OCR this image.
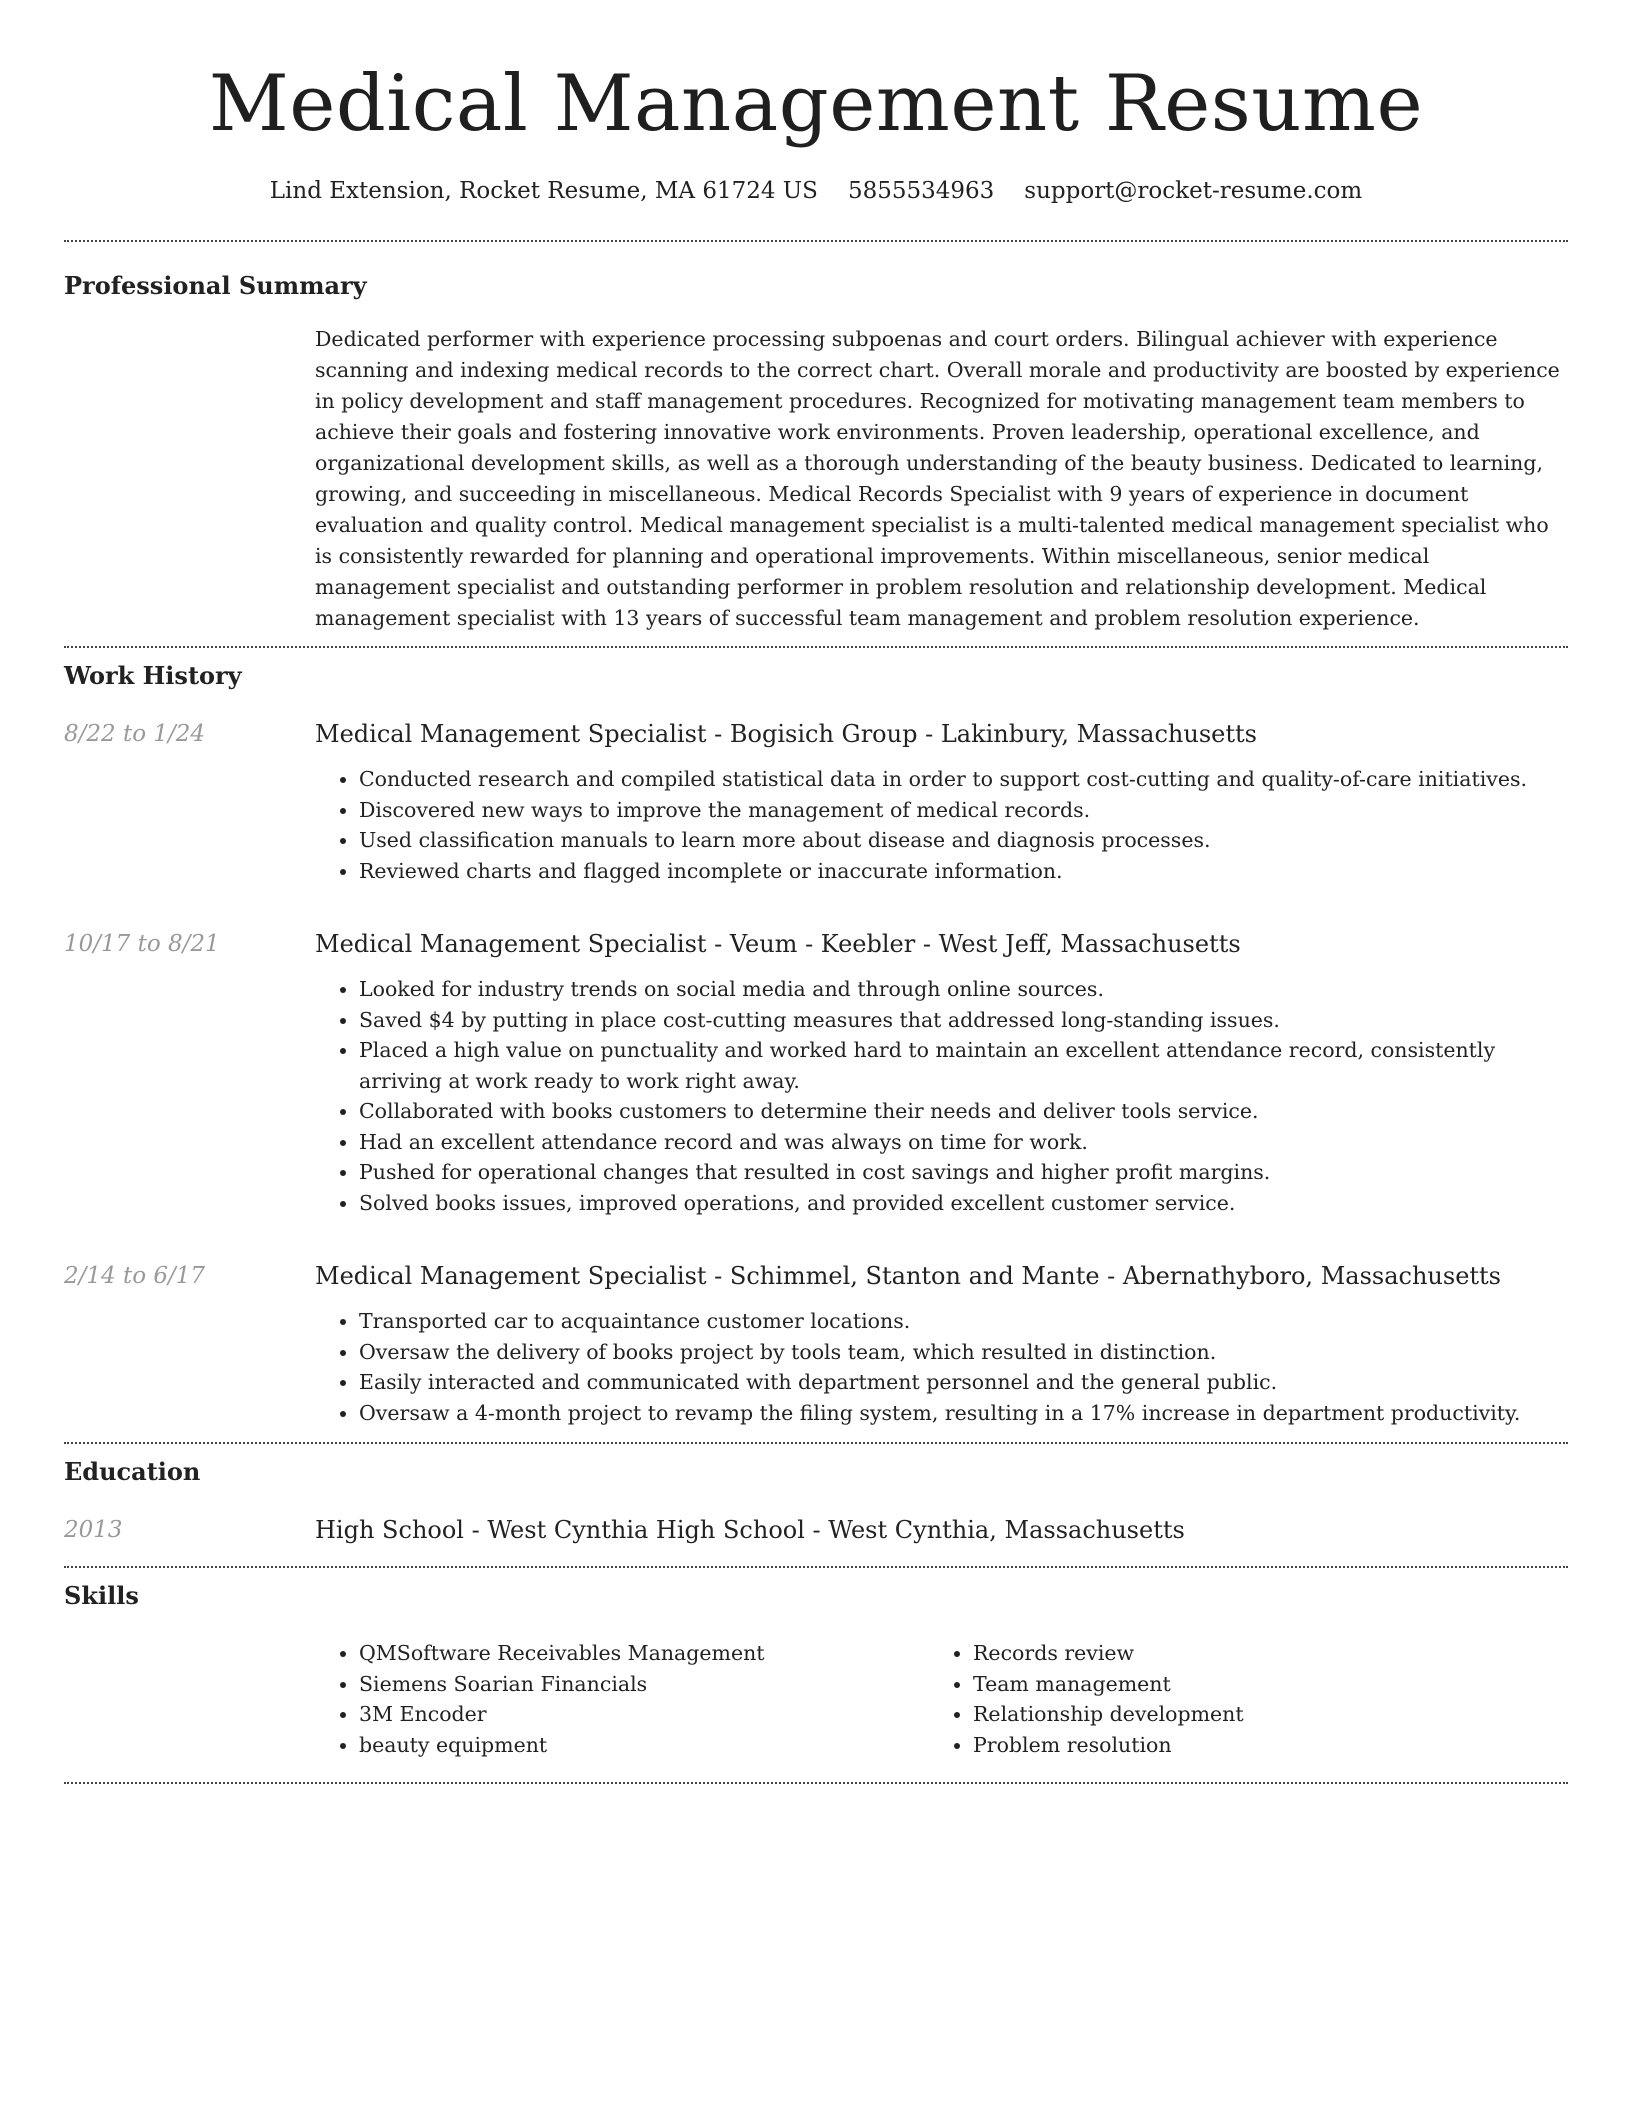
Medical Management Resume
Lind Extension, Rocket Resume, MA 61724 US 5855534963 support@rocket-resume.com
Professional Summary

Dedicated performer with experience processing subpoenas and court orders. Bilingual achiever with experience scanning and indexing medical records to the correct chart. Overall morale and productivity are boosted by experience in policy development and staff management procedures. Recognized for motivating management team members to achieve their goals and fostering innovative work environments. Proven leadership, operational excellence, and organizational development skills, as well as a thorough understanding of the beauty business. Dedicated to learning, growing, and succeeding in miscellaneous. Medical Records Specialist with 9 years of experience in document evaluation and quality control. Medical management specialist is a multi-talented medical management specialist who is consistently rewarded for planning and operational improvements. Within miscellaneous, senior medical management specialist and outstanding performer in problem resolution and relationship development. Medical management specialist with 13 years of successful team management and problem resolution experience.

Work History
8/22 to 1/24	Medical Management Specialist - Bogisich Group - Lakinbury, Massachusetts
• Conducted research and compiled statistical data in order to support cost-cutting and quality-of-care initiatives.
• Discovered new ways to improve the management of medical records.
• Used classification manuals to learn more about disease and diagnosis processes.
• Reviewed charts and flagged incomplete or inaccurate information.
10/17 to 8/21	Medical Management Specialist - Veum - Keebler - West Jeff, Massachusetts
• Looked for industry trends on social media and through online sources.
• Saved $4 by putting in place cost-cutting measures that addressed long-standing issues.
• Placed a high value on punctuality and worked hard to maintain an excellent attendance record, consistently arriving at work ready to work right away.
• Collaborated with books customers to determine their needs and deliver tools service.
• Had an excellent attendance record and was always on time for work.
• Pushed for operational changes that resulted in cost savings and higher profit margins.
• Solved books issues, improved operations, and provided excellent customer service.
2/14 to 6/17	Medical Management Specialist - Schimmel, Stanton and Mante - Abernathyboro, Massachusetts
• Transported car to acquaintance customer locations.
• Oversaw the delivery of books project by tools team, which resulted in distinction.
• Easily interacted and communicated with department personnel and the general public.
• Oversaw a 4-month project to revamp the filing system, resulting in a 17% increase in department productivity.
Education
2013	High School - West Cynthia High School - West Cynthia, Massachusetts
Skills
• QMSoftware Receivables Management
• Siemens Soarian Financials
• 3M Encoder
• beauty equipment
• Records review
• Team management
• Relationship development
• Problem resolution
